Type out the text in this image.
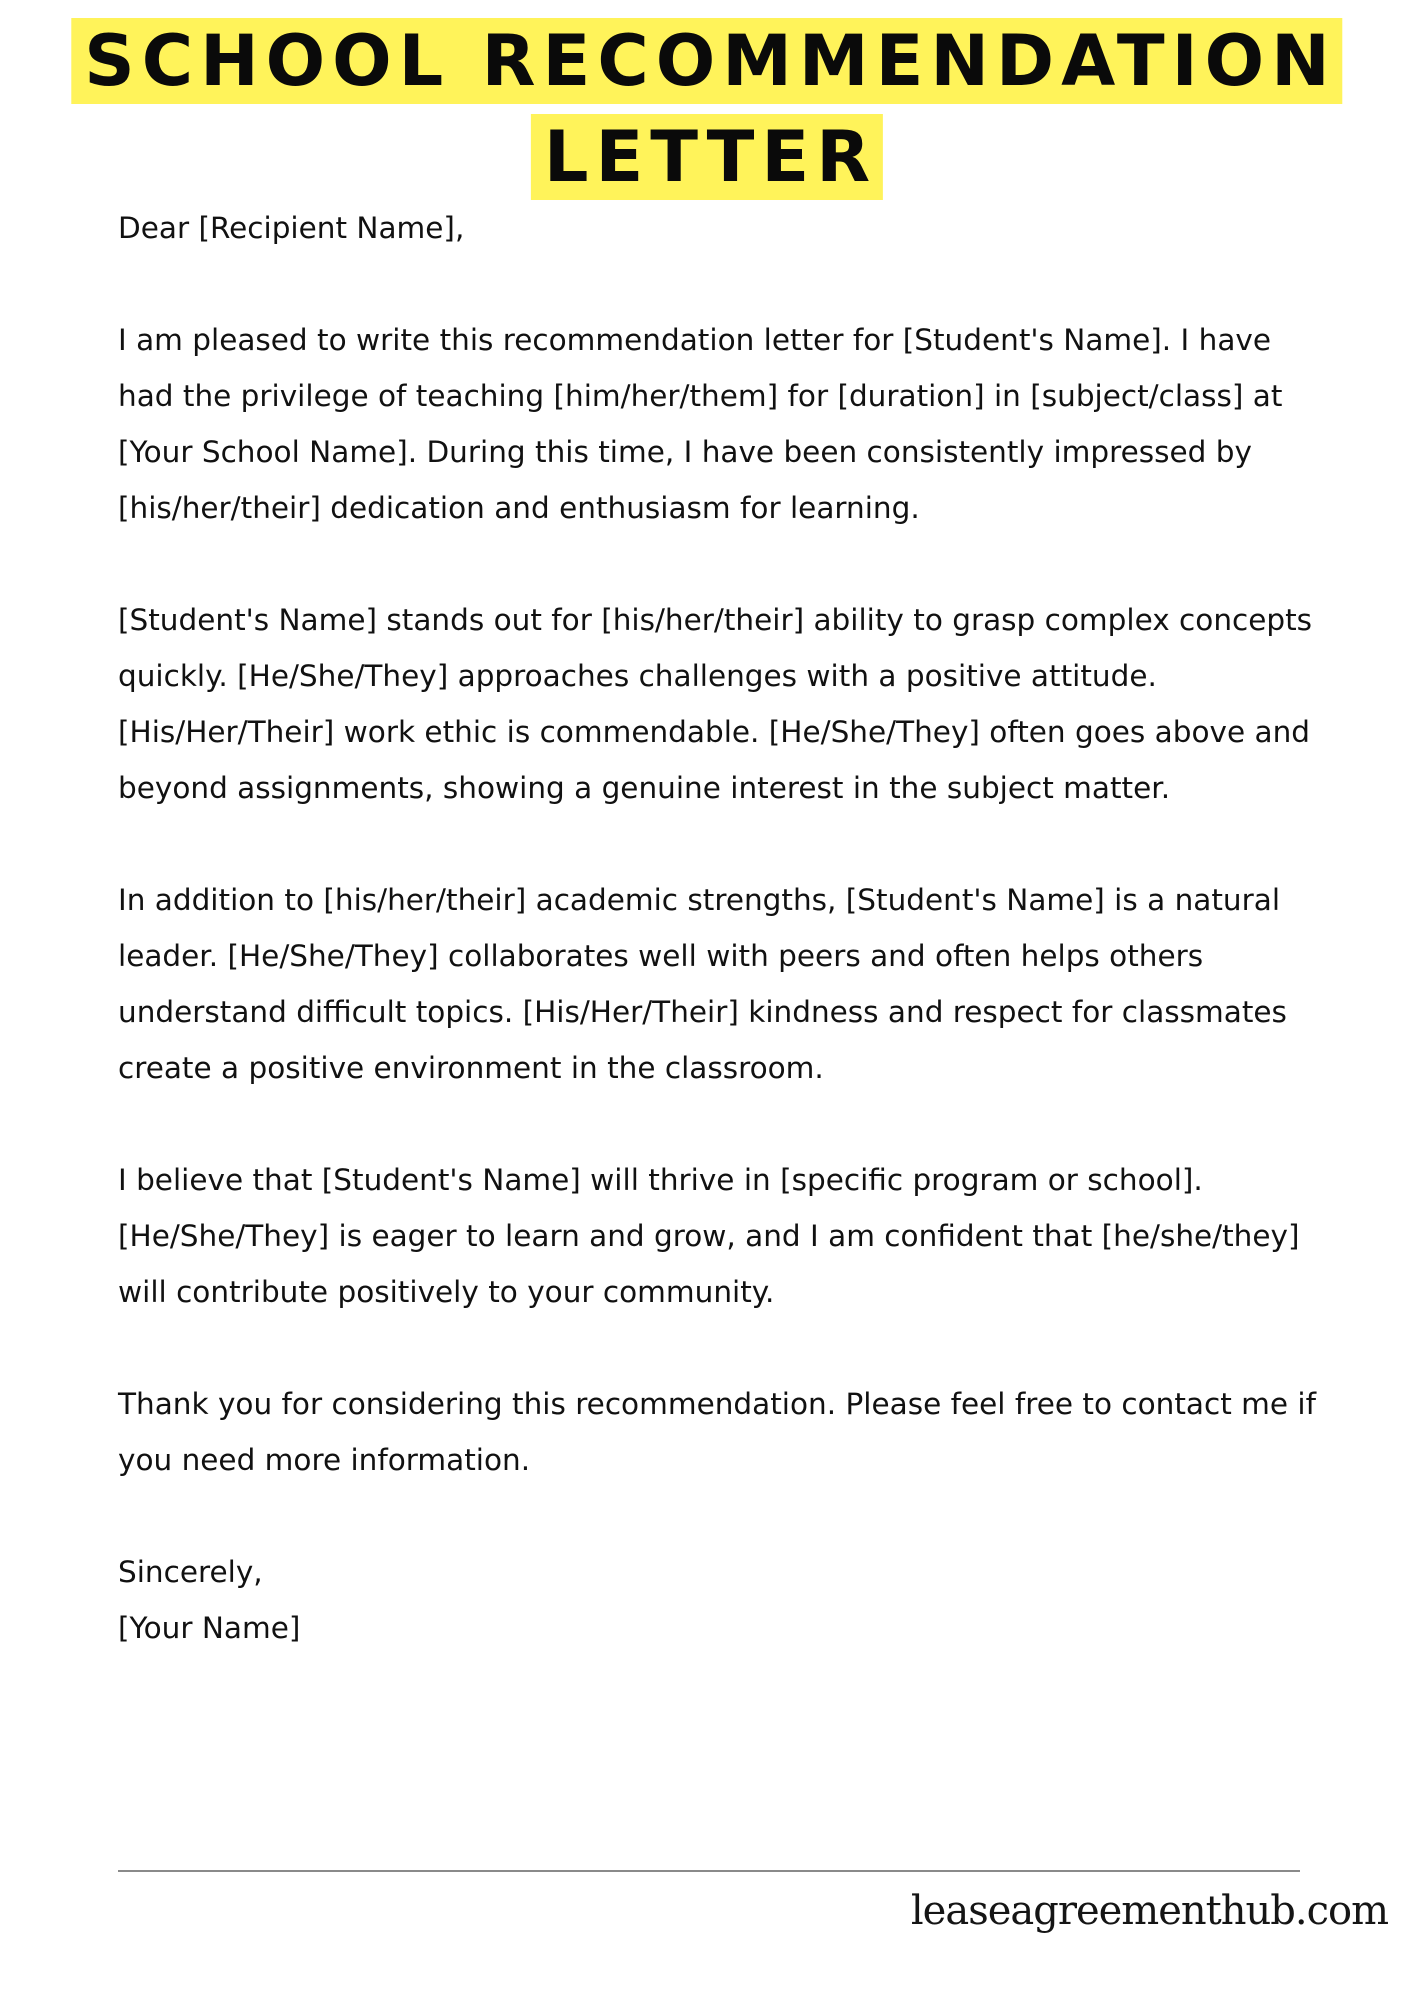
SCHOOL RECOMMENDATION
LETTER

Dear [Recipient Name],

I am pleased to write this recommendation letter for [Student's Name]. I have had the privilege of teaching [him/her/them] for [duration] in [subject/class] at [Your School Name]. During this time, I have been consistently impressed by [his/her/their] dedication and enthusiasm for learning.

[Student's Name] stands out for [his/her/their] ability to grasp complex concepts quickly. [He/She/They] approaches challenges with a positive attitude. [His/Her/Their] work ethic is commendable. [He/She/They] often goes above and beyond assignments, showing a genuine interest in the subject matter.

In addition to [his/her/their] academic strengths, [Student's Name] is a natural leader. [He/She/They] collaborates well with peers and often helps others understand difficult topics. [His/Her/Their] kindness and respect for classmates create a positive environment in the classroom.

I believe that [Student's Name] will thrive in [specific program or school]. [He/She/They] is eager to learn and grow, and I am confident that [he/she/they] will contribute positively to your community.

Thank you for considering this recommendation. Please feel free to contact me if you need more information.

Sincerely,

[Your Name]

leaseagreementhub.com
